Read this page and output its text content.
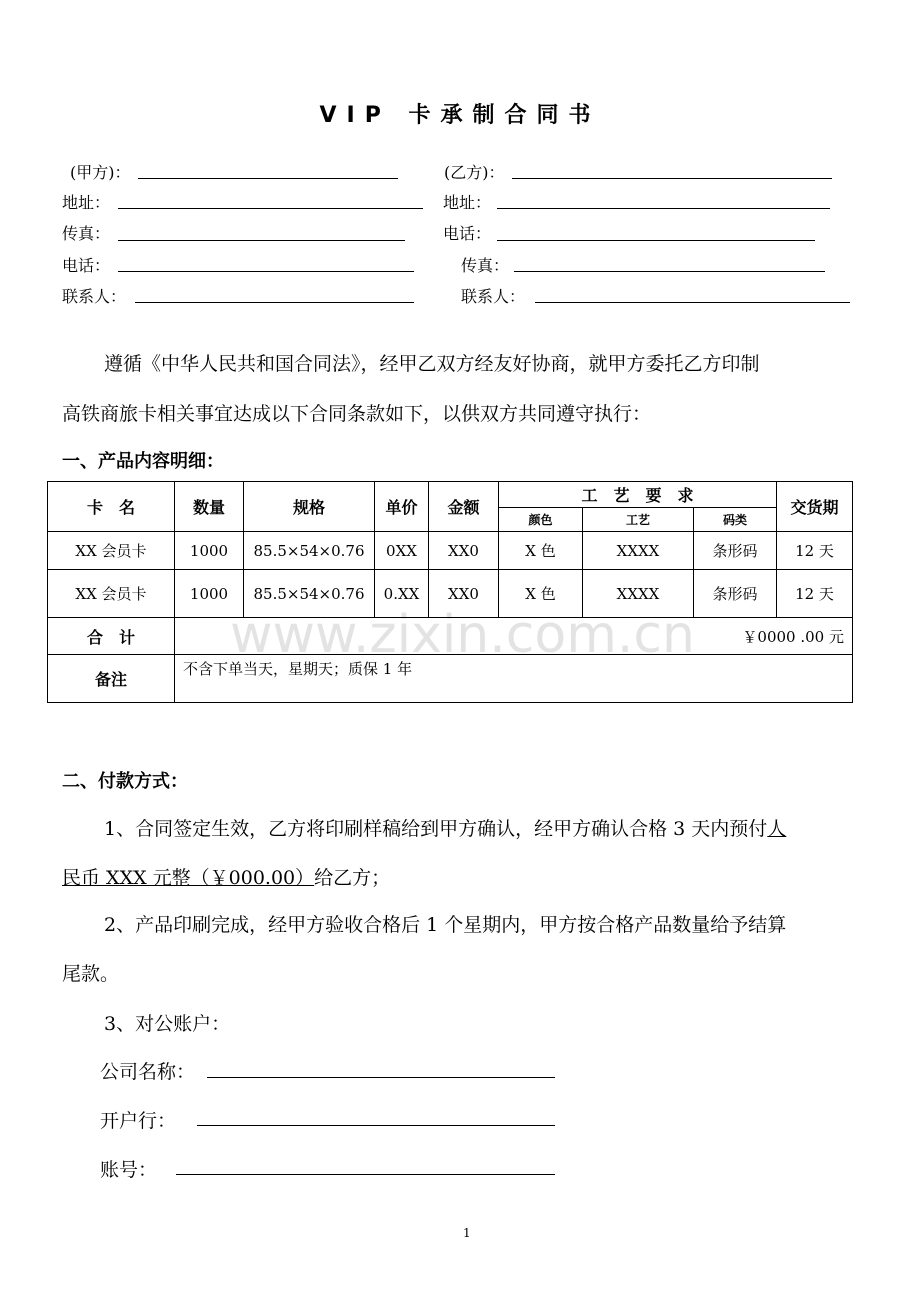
VIP 卡承制合同书
(甲方)：
地址：
传真：
电话：
联系人：
(乙方)：
地址：
电话：
传真：
联系人：
遵循《中华人民共和国合同法》，经甲乙双方经友好协商，就甲方委托乙方印制
高铁商旅卡相关事宜达成以下合同条款如下，以供双方共同遵守执行：
一、产品内容明细：
www.zixin.com.cn
卡　名	数量	规格	单价	金额	工　艺　要　求			交货期
					颜色	工艺	码类	
XX 会员卡	1000	85.5×54×0.76	0XX	XX0	X 色	XXXX	条形码	12 天
XX 会员卡	1000	85.5×54×0.76	0.XX	XX0	X 色	XXXX	条形码	12 天
合　计	￥0000 .00 元							
备注	不含下单当天，星期天；质保 1 年							
二、付款方式：
1、合同签定生效，乙方将印刷样稿给到甲方确认，经甲方确认合格 3 天内预付人
民币 XXX 元整（￥000.00）给乙方；
2、产品印刷完成，经甲方验收合格后 1 个星期内，甲方按合格产品数量给予结算
尾款。
3、对公账户：
公司名称：
开户行：
账号：
1
